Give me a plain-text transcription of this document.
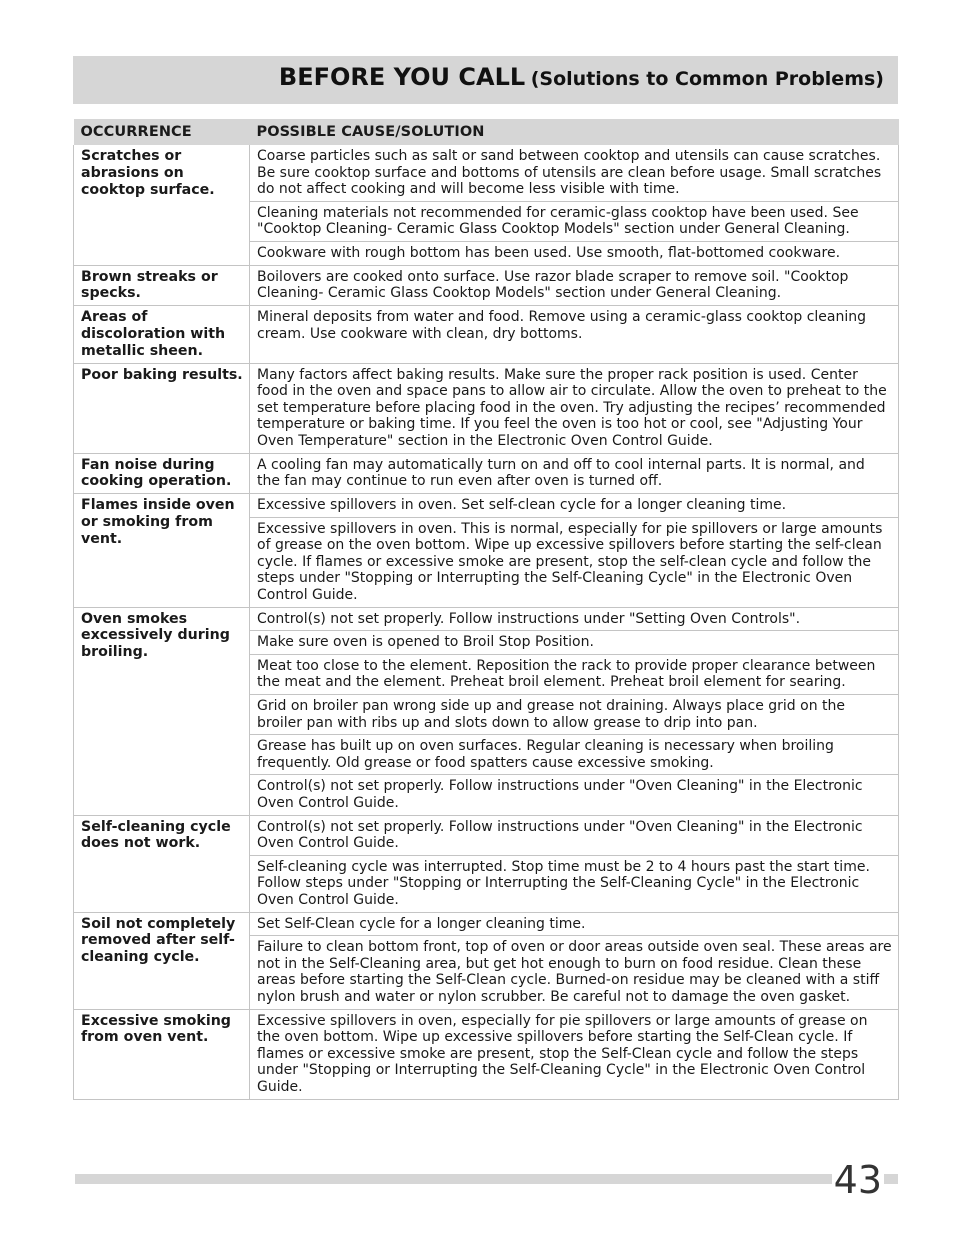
BEFORE YOU CALL (Solutions to Common Problems)
OCCURRENCE	POSSIBLE CAUSE/SOLUTION
Scratches or abrasions on cooktop surface.	Coarse particles such as salt or sand between cooktop and utensils can cause scratches. Be sure cooktop surface and bottoms of utensils are clean before usage. Small scratches do not affect cooking and will become less visible with time.
	Cleaning materials not recommended for ceramic-glass cooktop have been used. See "Cooktop Cleaning- Ceramic Glass Cooktop Models" section under General Cleaning.
	Cookware with rough bottom has been used. Use smooth, flat-bottomed cookware.
Brown streaks or specks.	Boilovers are cooked onto surface. Use razor blade scraper to remove soil. "Cooktop Cleaning- Ceramic Glass Cooktop Models" section under General Cleaning.
Areas of discoloration with metallic sheen.	Mineral deposits from water and food. Remove using a ceramic-glass cooktop cleaning cream. Use cookware with clean, dry bottoms.
Poor baking results.	Many factors affect baking results. Make sure the proper rack position is used. Center food in the oven and space pans to allow air to circulate. Allow the oven to preheat to the set temperature before placing food in the oven. Try adjusting the recipes’ recommended temperature or baking time. If you feel the oven is too hot or cool, see "Adjusting Your Oven Temperature" section in the Electronic Oven Control Guide.
Fan noise during cooking operation.	A cooling fan may automatically turn on and off to cool internal parts. It is normal, and the fan may continue to run even after oven is turned off.
Flames inside oven or smoking from vent.	Excessive spillovers in oven. Set self-clean cycle for a longer cleaning time.
	Excessive spillovers in oven. This is normal, especially for pie spillovers or large amounts of grease on the oven bottom. Wipe up excessive spillovers before starting the self-clean cycle. If flames or excessive smoke are present, stop the self-clean cycle and follow the steps under "Stopping or Interrupting the Self-Cleaning Cycle" in the Electronic Oven Control Guide.
Oven smokes excessively during broiling.	Control(s) not set properly. Follow instructions under "Setting Oven Controls".
	Make sure oven is opened to Broil Stop Position.
	Meat too close to the element. Reposition the rack to provide proper clearance between the meat and the element. Preheat broil element. Preheat broil element for searing.
	Grid on broiler pan wrong side up and grease not draining. Always place grid on the broiler pan with ribs up and slots down to allow grease to drip into pan.
	Grease has built up on oven surfaces. Regular cleaning is necessary when broiling frequently. Old grease or food spatters cause excessive smoking.
	Control(s) not set properly. Follow instructions under "Oven Cleaning" in the Electronic Oven Control Guide.
Self-cleaning cycle does not work.	Control(s) not set properly. Follow instructions under "Oven Cleaning" in the Electronic Oven Control Guide.
	Self-cleaning cycle was interrupted. Stop time must be 2 to 4 hours past the start time. Follow steps under "Stopping or Interrupting the Self-Cleaning Cycle" in the Electronic Oven Control Guide.
Soil not completely removed after self-cleaning cycle.	Set Self-Clean cycle for a longer cleaning time.
	Failure to clean bottom front, top of oven or door areas outside oven seal. These areas are not in the Self-Cleaning area, but get hot enough to burn on food residue. Clean these areas before starting the Self-Clean cycle. Burned-on residue may be cleaned with a stiff nylon brush and water or nylon scrubber. Be careful not to damage the oven gasket.
Excessive smoking from oven vent.	Excessive spillovers in oven, especially for pie spillovers or large amounts of grease on the oven bottom. Wipe up excessive spillovers before starting the Self-Clean cycle. If flames or excessive smoke are present, stop the Self-Clean cycle and follow the steps under "Stopping or Interrupting the Self-Cleaning Cycle" in the Electronic Oven Control Guide.
43
